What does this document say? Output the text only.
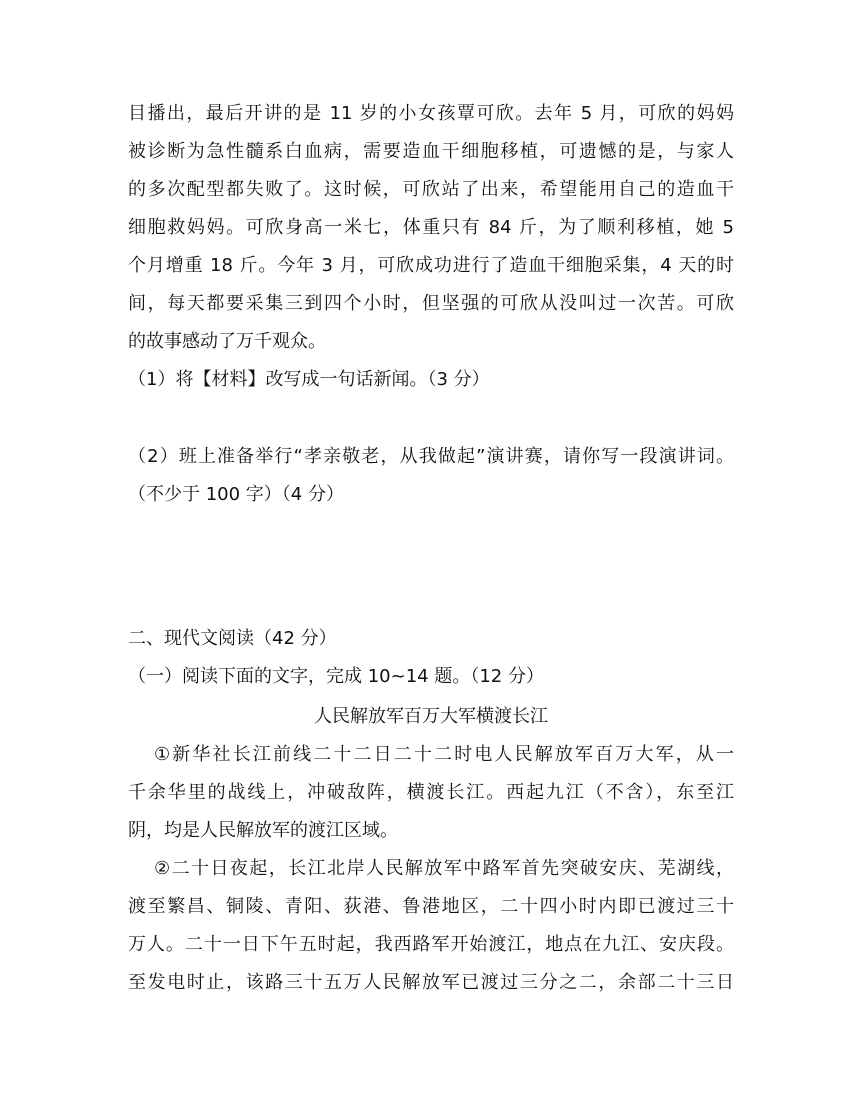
目播出，最后开讲的是 11 岁的小女孩覃可欣。去年 5 月，可欣的妈妈
被诊断为急性髓系白血病，需要造血干细胞移植，可遗憾的是，与家人
的多次配型都失败了。这时候，可欣站了出来，希望能用自己的造血干
细胞救妈妈。可欣身高一米七，体重只有 84 斤，为了顺利移植，她 5
个月增重 18 斤。今年 3 月，可欣成功进行了造血干细胞采集，4 天的时
间，每天都要采集三到四个小时，但坚强的可欣从没叫过一次苦。可欣
的故事感动了万千观众。
（1）将【材料】改写成一句话新闻。（3 分）
（2）班上准备举行“孝亲敬老，从我做起”演讲赛，请你写一段演讲词。
（不少于 100 字）（4 分）
二、现代文阅读（42 分）
（一）阅读下面的文字，完成 10~14 题。（12 分）
人民解放军百万大军横渡长江
①新华社长江前线二十二日二十二时电人民解放军百万大军，从一
千余华里的战线上，冲破敌阵，横渡长江。西起九江（不含），东至江
阴，均是人民解放军的渡江区域。
②二十日夜起，长江北岸人民解放军中路军首先突破安庆、芜湖线，
渡至繁昌、铜陵、青阳、荻港、鲁港地区，二十四小时内即已渡过三十
万人。二十一日下午五时起，我西路军开始渡江，地点在九江、安庆段。
至发电时止，该路三十五万人民解放军已渡过三分之二，余部二十三日
